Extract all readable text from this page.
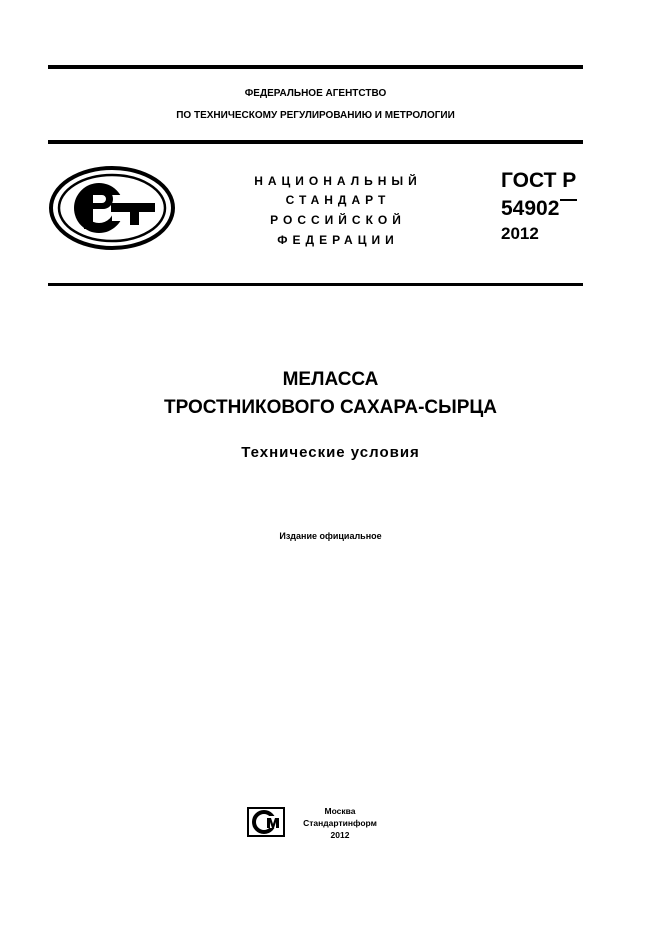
ФЕДЕРАЛЬНОЕ АГЕНТСТВО
ПО ТЕХНИЧЕСКОМУ РЕГУЛИРОВАНИЮ И МЕТРОЛОГИИ
НАЦИОНАЛЬНЫЙ
СТАНДАРТ
РОССИЙСКОЙ
ФЕДЕРАЦИИ
ГОСТ Р
54902
2012
МЕЛАССА
ТРОСТНИКОВОГО САХАРА-СЫРЦА
Технические условия
Издание официальное
Москва
Стандартинформ
2012
